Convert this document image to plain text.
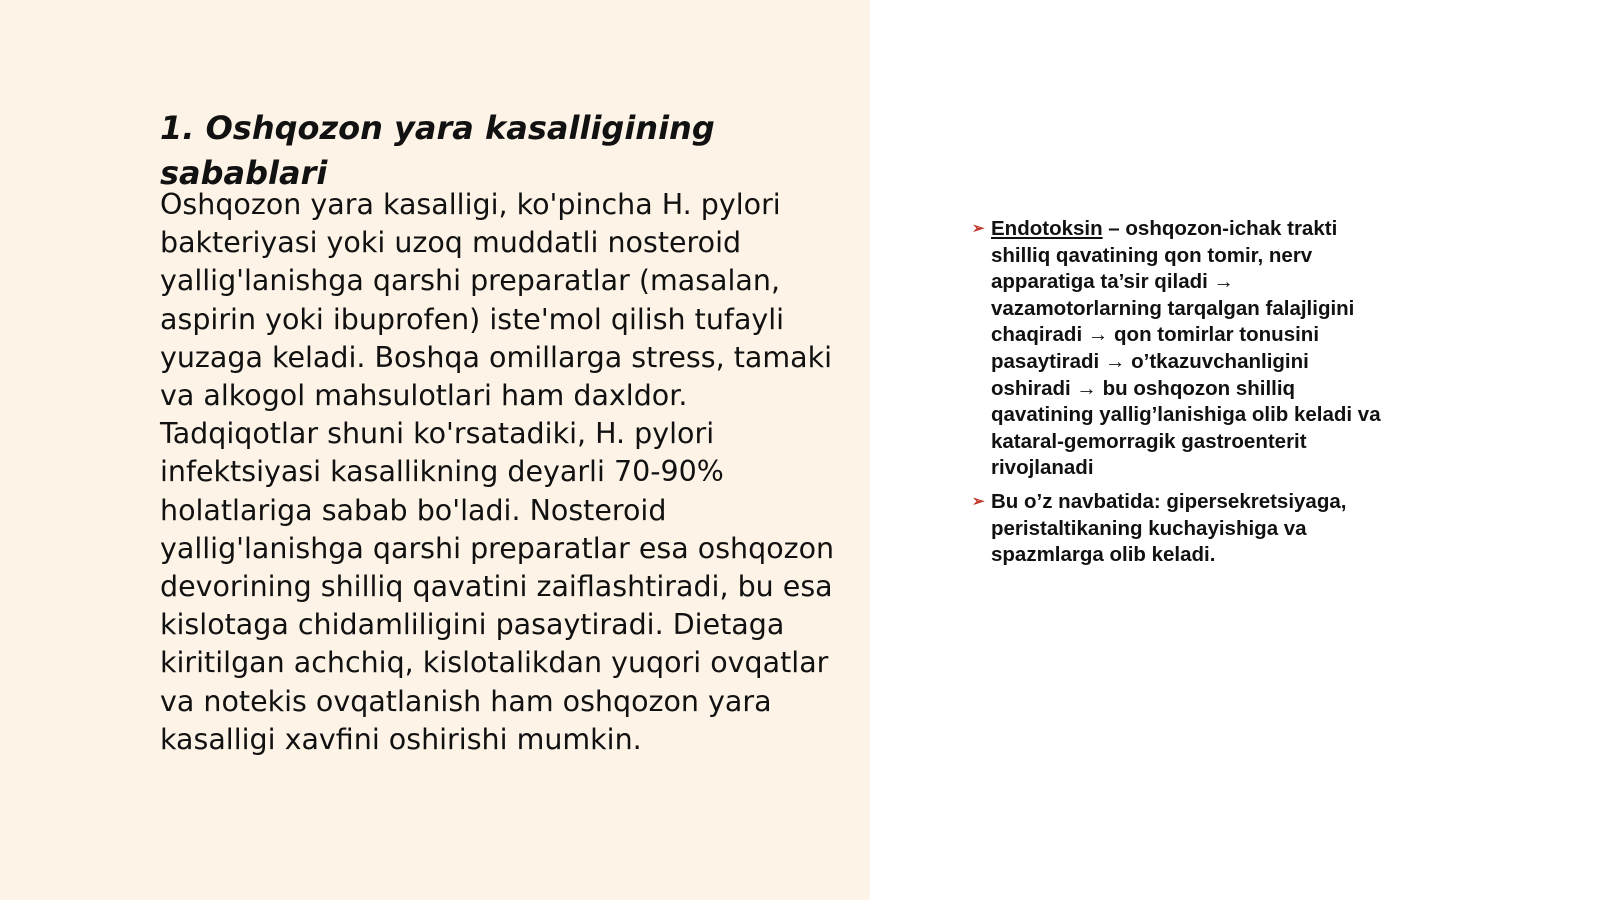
1. Oshqozon yara kasalligining sabablari

Oshqozon yara kasalligi, ko'pincha H. pylori bakteriyasi yoki uzoq muddatli nosteroid yallig'lanishga qarshi preparatlar (masalan, aspirin yoki ibuprofen) iste'mol qilish tufayli yuzaga keladi. Boshqa omillarga stress, tamaki va alkogol mahsulotlari ham daxldor. Tadqiqotlar shuni ko'rsatadiki, H. pylori infektsiyasi kasallikning deyarli 70-90% holatlariga sabab bo'ladi. Nosteroid yallig'lanishga qarshi preparatlar esa oshqozon devorining shilliq qavatini zaiflashtiradi, bu esa kislotaga chidamliligini pasaytiradi. Dietaga kiritilgan achchiq, kislotalikdan yuqori ovqatlar va notekis ovqatlanish ham oshqozon yara kasalligi xavfini oshirishi mumkin.

➢ Endotoksin – oshqozon-ichak trakti shilliq qavatining qon tomir, nerv apparatiga ta’sir qiladi → vazamotorlarning tarqalgan falajligini chaqiradi → qon tomirlar tonusini pasaytiradi → o’tkazuvchanligini oshiradi → bu oshqozon shilliq qavatining yallig’lanishiga olib keladi va kataral-gemorragik gastroenterit rivojlanadi
➢ Bu o’z navbatida: gipersekretsiyaga, peristaltikaning kuchayishiga va spazmlarga olib keladi.
